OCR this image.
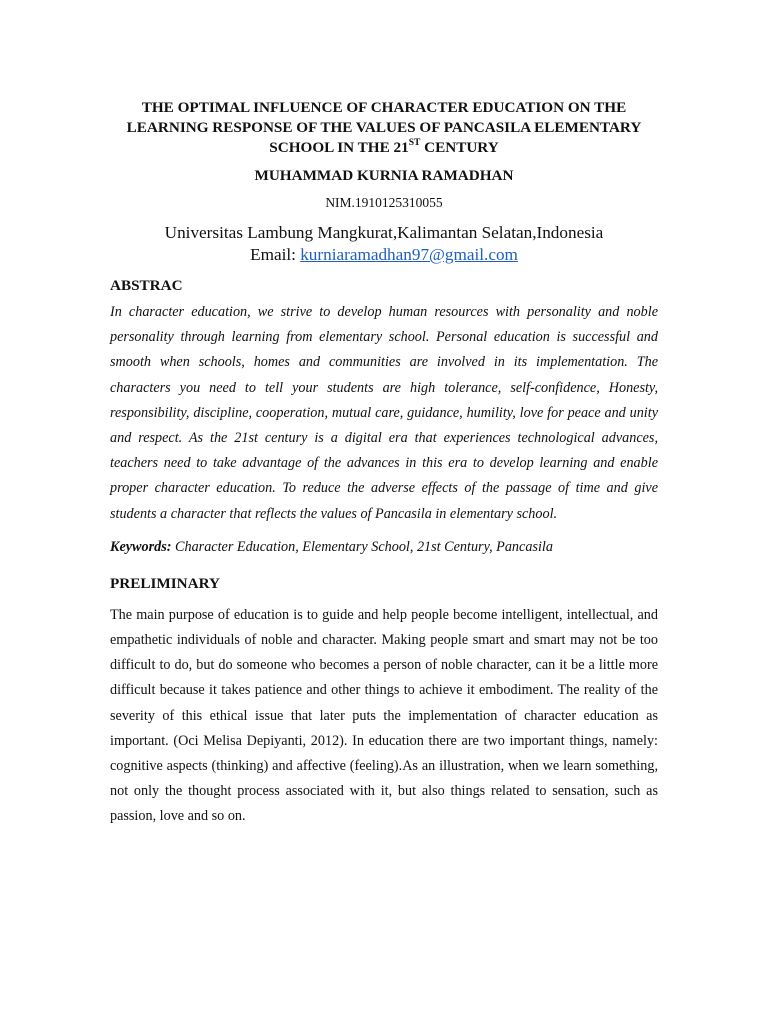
THE OPTIMAL INFLUENCE OF CHARACTER EDUCATION ON THE
LEARNING RESPONSE OF THE VALUES OF PANCASILA ELEMENTARY
SCHOOL IN THE 21ST CENTURY
MUHAMMAD KURNIA RAMADHAN
NIM.1910125310055
Universitas Lambung Mangkurat,Kalimantan Selatan,Indonesia
Email: kurniaramadhan97@gmail.com
ABSTRAC
In character education, we strive to develop human resources with personality and noble personality through learning from elementary school. Personal education is successful and smooth when schools, homes and communities are involved in its implementation. The characters you need to tell your students are high tolerance, self-confidence, Honesty, responsibility, discipline, cooperation, mutual care, guidance, humility, love for peace and unity and respect. As the 21st century is a digital era that experiences technological advances, teachers need to take advantage of the advances in this era to develop learning and enable proper character education. To reduce the adverse effects of the passage of time and give students a character that reflects the values of Pancasila in elementary school.
Keywords: Character Education, Elementary School, 21st Century, Pancasila
PRELIMINARY
The main purpose of education is to guide and help people become intelligent, intellectual, and empathetic individuals of noble and character. Making people smart and smart may not be too difficult to do, but do someone who becomes a person of noble character, can it be a little more difficult because it takes patience and other things to achieve it embodiment. The reality of the severity of this ethical issue that later puts the implementation of character education as important. (Oci Melisa Depiyanti, 2012). In education there are two important things, namely: cognitive aspects (thinking) and affective (feeling).As an illustration, when we learn something, not only the thought process associated with it, but also things related to sensation, such as passion, love and so on.
